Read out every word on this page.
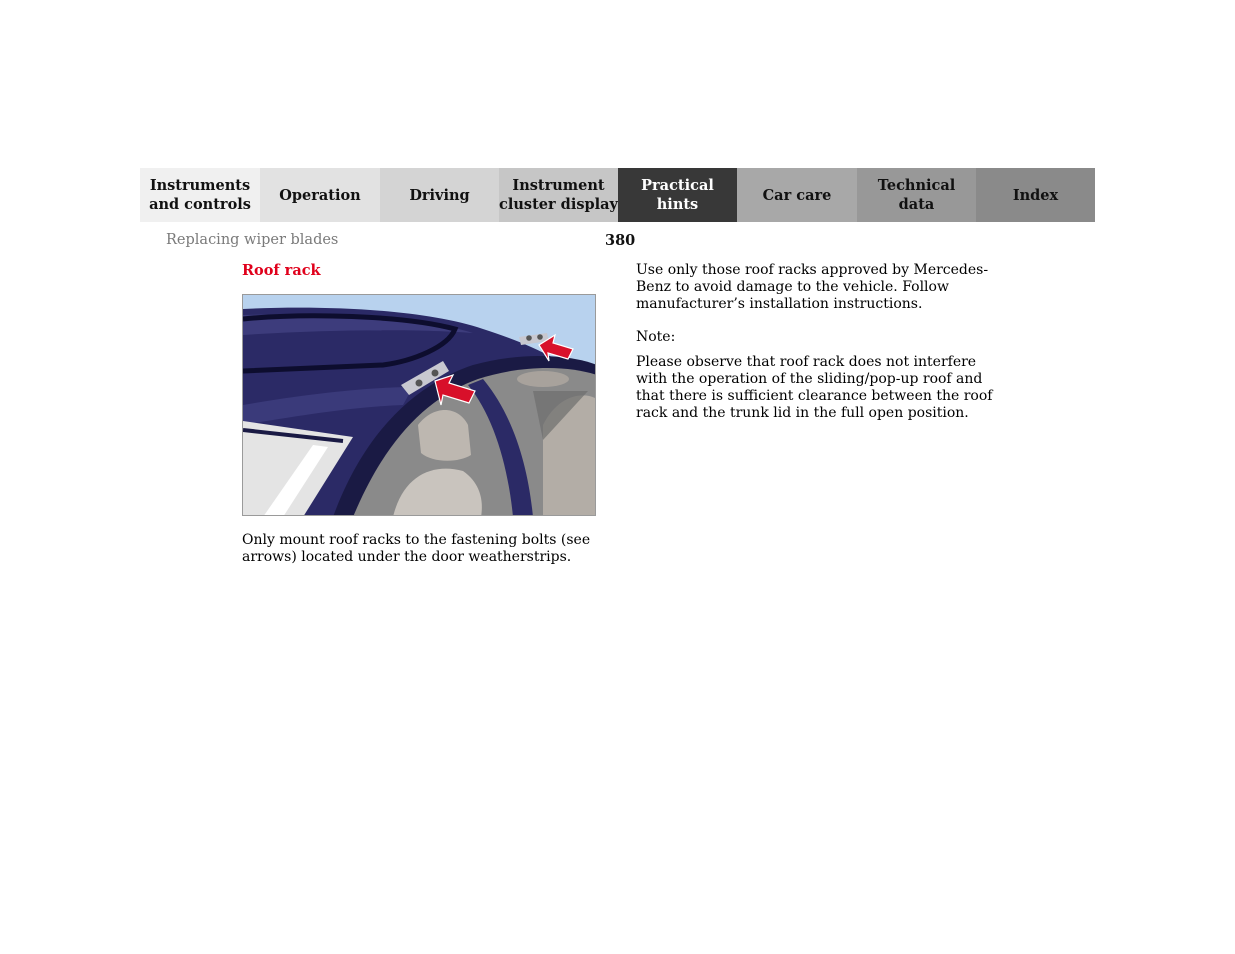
Instruments
and controls
Operation	Driving
Instrument
cluster display
Practical hints
Car care
Technical
data
Index
Replacing wiper blades	380
Roof rack
Only mount roof racks to the fastening bolts (see arrows) located under the door weatherstrips.

Use only those roof racks approved by Mercedes-Benz to avoid damage to the vehicle. Follow manufacturer’s installation instructions.

Note:

Please observe that roof rack does not interfere with the operation of the sliding/pop-up roof and that there is sufficient clearance between the roof rack and the trunk lid in the full open position.
